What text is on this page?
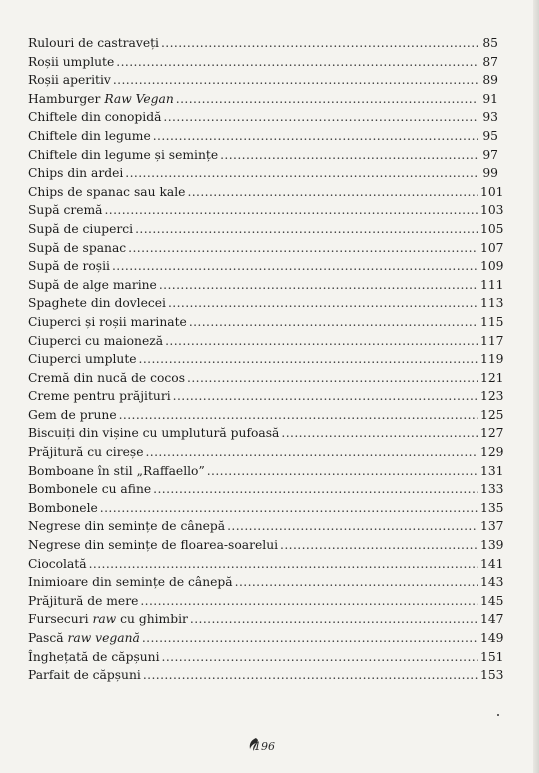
Rulouri de castraveți .....	85
Roșii umplute .....	87
Roșii aperitiv .....	89
Hamburger Raw Vegan .....	91
Chiftele din conopidă .....	93
Chiftele din legume .....	95
Chiftele din legume și semințe .....	97
Chips din ardei .....	99
Chips de spanac sau kale .....	101
Supă cremă .....	103
Supă de ciuperci .....	105
Supă de spanac .....	107
Supă de roșii .....	109
Supă de alge marine .....	111
Spaghete din dovlecei .....	113
Ciuperci și roșii marinate .....	115
Ciuperci cu maioneză .....	117
Ciuperci umplute .....	119
Cremă din nucă de cocos .....	121
Creme pentru prăjituri .....	123
Gem de prune .....	125
Biscuiți din vișine cu umplutură pufoasă .....	127
Prăjitură cu cireșe .....	129
Bomboane în stil „Raffaello” .....	131
Bombonele cu afine .....	133
Bombonele .....	135
Negrese din semințe de cânepă .....	137
Negrese din semințe de floarea-soarelui .....	139
Ciocolată .....	141
Inimioare din semințe de cânepă .....	143
Prăjitură de mere .....	145
Fursecuri raw cu ghimbir .....	147
Pască raw vegană .....	149
Înghețată de căpșuni .....	151
Parfait de căpșuni .....	153
196
